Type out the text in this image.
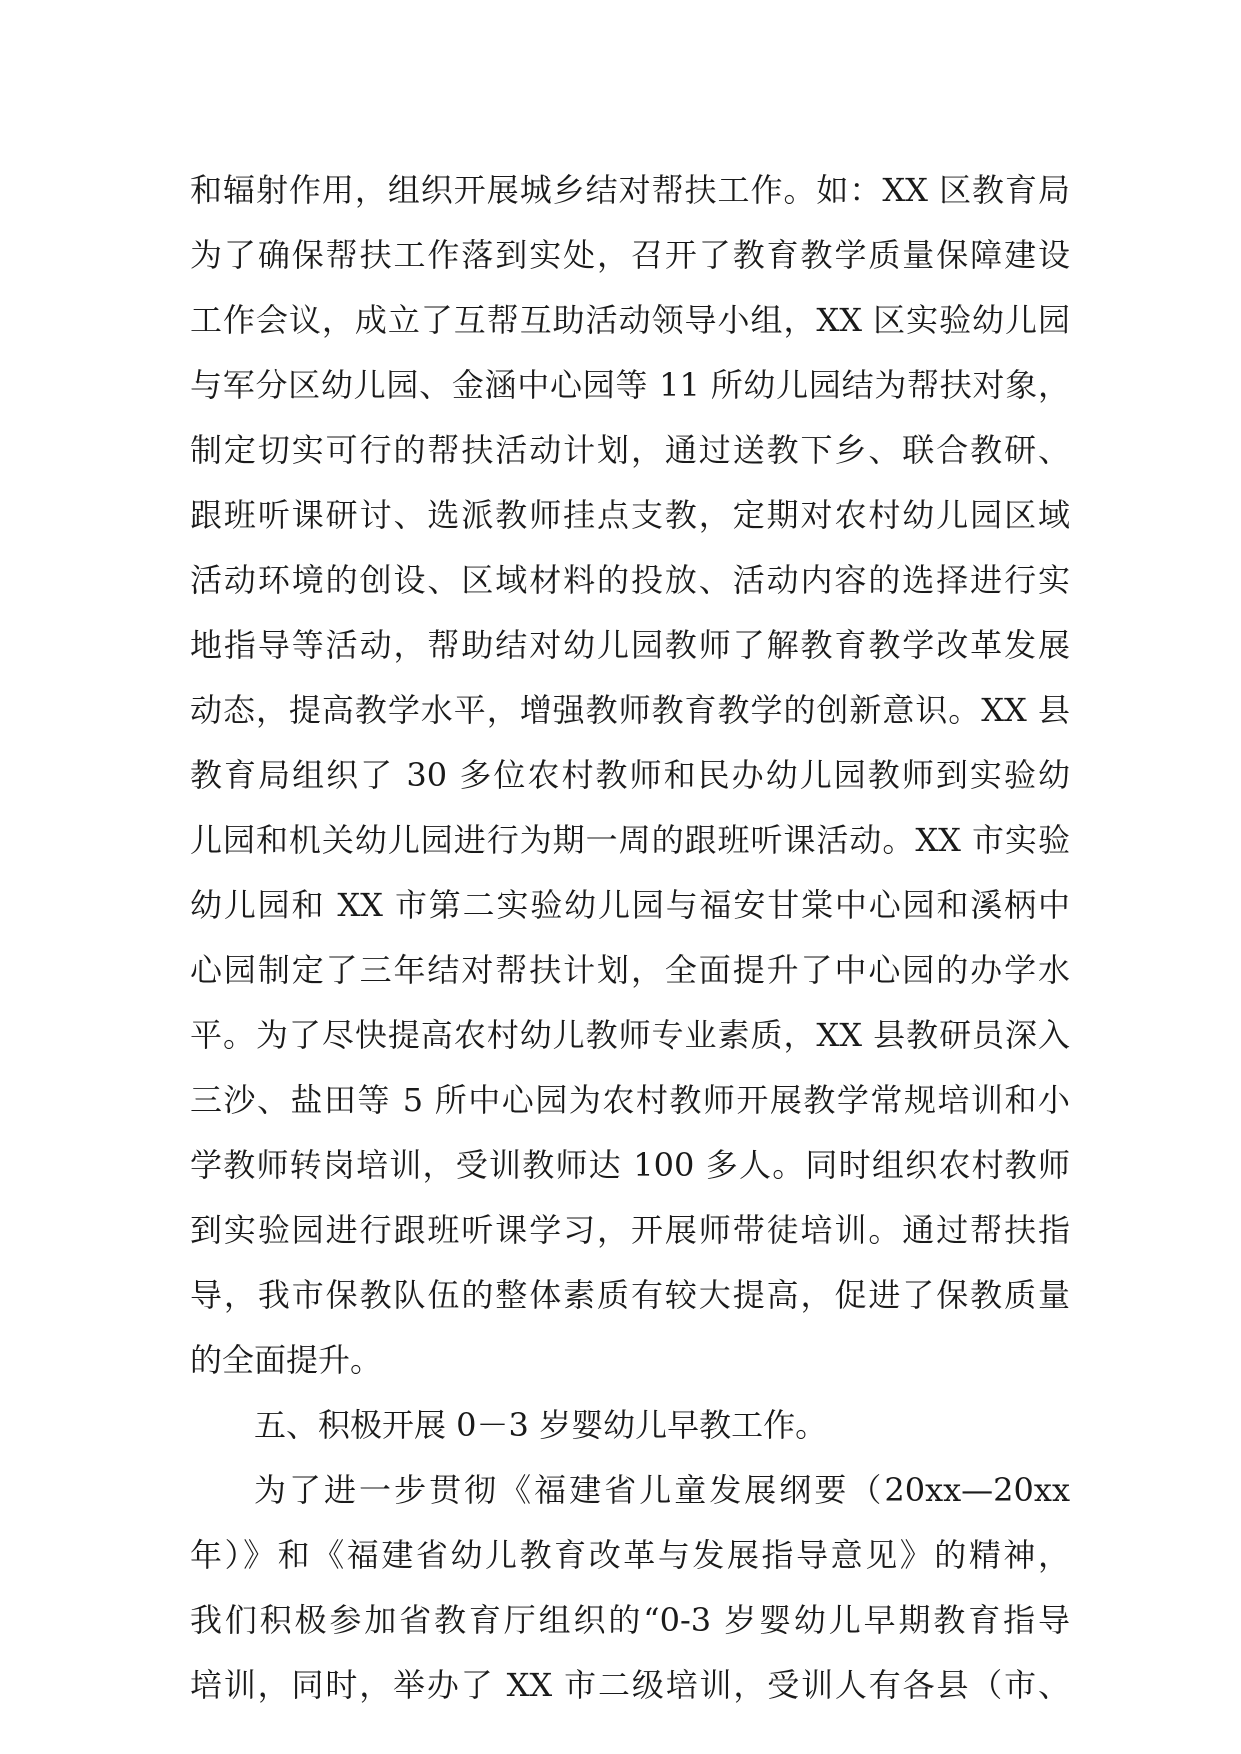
和辐射作用，组织开展城乡结对帮扶工作。如：XX 区教育局
为了确保帮扶工作落到实处，召开了教育教学质量保障建设
工作会议，成立了互帮互助活动领导小组，XX 区实验幼儿园
与军分区幼儿园、金涵中心园等 11 所幼儿园结为帮扶对象，
制定切实可行的帮扶活动计划，通过送教下乡、联合教研、
跟班听课研讨、选派教师挂点支教，定期对农村幼儿园区域
活动环境的创设、区域材料的投放、活动内容的选择进行实
地指导等活动，帮助结对幼儿园教师了解教育教学改革发展
动态，提高教学水平，增强教师教育教学的创新意识。XX 县
教育局组织了 30 多位农村教师和民办幼儿园教师到实验幼
儿园和机关幼儿园进行为期一周的跟班听课活动。XX 市实验
幼儿园和 XX 市第二实验幼儿园与福安甘棠中心园和溪柄中
心园制定了三年结对帮扶计划，全面提升了中心园的办学水
平。为了尽快提高农村幼儿教师专业素质，XX 县教研员深入
三沙、盐田等 5 所中心园为农村教师开展教学常规培训和小
学教师转岗培训，受训教师达 100 多人。同时组织农村教师
到实验园进行跟班听课学习，开展师带徒培训。通过帮扶指
导，我市保教队伍的整体素质有较大提高，促进了保教质量
的全面提升。
五、积极开展 0－3 岁婴幼儿早教工作。
为了进一步贯彻《福建省儿童发展纲要（20xx—20xx
年）》和《福建省幼儿教育改革与发展指导意见》的精神，
我们积极参加省教育厅组织的“0-3 岁婴幼儿早期教育指导
培训，同时，举办了 XX 市二级培训，受训人有各县（市、
